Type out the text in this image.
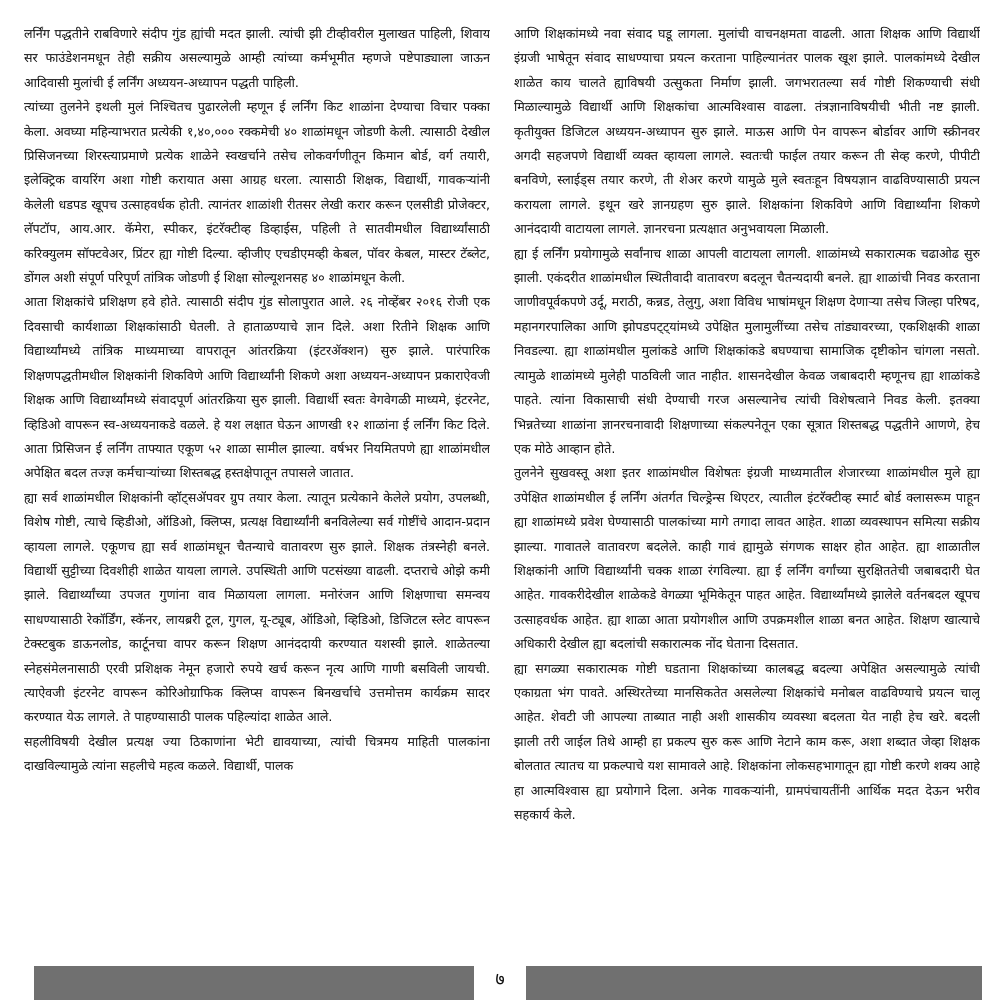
लर्निंग पद्धतीने राबविणारे संदीप गुंड ह्यांची मदत झाली. त्यांची झी टीव्हीवरील मुलाखत पाहिली, शिवाय सर फाउंडेशनमधून तेही सक्रीय असल्यामुळे आम्ही त्यांच्या कर्मभूमीत म्हणजे पष्टेपाड्याला जाऊन आदिवासी मुलांची ई लर्निंग अध्ययन-अध्यापन पद्धती पाहिली.

त्यांच्या तुलनेने इथली मुलं निश्चितच पुढारलेली म्हणून ई लर्निंग किट शाळांना देण्याचा विचार पक्का केला. अवघ्या महिन्याभरात प्रत्येकी १,४०,००० रक्कमेची ४० शाळांमधून जोडणी केली. त्यासाठी देखील प्रिसिजनच्या शिरस्त्याप्रमाणे प्रत्येक शाळेने स्वखर्चाने तसेच लोकवर्गणीतून किमान बोर्ड, वर्ग तयारी, इलेक्ट्रिक वायरिंग अशा गोष्टी करायात असा आग्रह धरला. त्यासाठी शिक्षक, विद्यार्थी, गावकऱ्यांनी केलेली धडपड खूपच उत्साहवर्धक होती. त्यानंतर शाळांशी रीतसर लेखी करार करून एलसीडी प्रोजेक्टर, लॅपटॉप, आय.आर. कॅमेरा, स्पीकर, इंटरॅक्टीव्ह डिव्हाईस, पहिली ते सातवीमधील विद्यार्थ्यांसाठी करिक्युलम सॉफ्टवेअर, प्रिंटर ह्या गोष्टी दिल्या. व्हीजीए एचडीएमव्ही केबल, पॉवर केबल, मास्टर टॅब्लेट, डोंगल अशी संपूर्ण परिपूर्ण तांत्रिक जोडणी ई शिक्षा सोल्यूशनसह ४० शाळांमधून केली.

आता शिक्षकांचे प्रशिक्षण हवे होते. त्यासाठी संदीप गुंड सोलापुरात आले. २६ नोव्हेंबर २०१६ रोजी एक दिवसाची कार्यशाळा शिक्षकांसाठी घेतली. ते हाताळण्याचे ज्ञान दिले. अशा रितीने शिक्षक आणि विद्यार्थ्यांमध्ये तांत्रिक माध्यमाच्या वापरातून आंतरक्रिया (इंटरॲक्शन) सुरु झाले. पारंपारिक शिक्षणपद्धतीमधील शिक्षकांनी शिकविणे आणि विद्यार्थ्यांनी शिकणे अशा अध्ययन-अध्यापन प्रकाराऐवजी शिक्षक आणि विद्यार्थ्यांमध्ये संवादपूर्ण आंतरक्रिया सुरु झाली. विद्यार्थी स्वतः वेगवेगळी माध्यमे, इंटरनेट, व्हिडिओ वापरून स्व-अध्ययनाकडे वळले. हे यश लक्षात घेऊन आणखी १२ शाळांना ई लर्निंग किट दिले. आता प्रिसिजन ई लर्निंग ताफ्यात एकूण ५२ शाळा सामील झाल्या. वर्षभर नियमितपणे ह्या शाळांमधील अपेक्षित बदल तज्ज्ञ कर्मचाऱ्यांच्या शिस्तबद्ध हस्तक्षेपातून तपासले जातात.

ह्या सर्व शाळांमधील शिक्षकांनी व्हॉट्सॲपवर ग्रुप तयार केला. त्यातून प्रत्येकाने केलेले प्रयोग, उपलब्धी, विशेष गोष्टी, त्याचे व्हिडीओ, ऑडिओ, क्लिप्स, प्रत्यक्ष विद्यार्थ्यांनी बनविलेल्या सर्व गोष्टींचे आदान-प्रदान व्हायला लागले. एकूणच ह्या सर्व शाळांमधून चैतन्याचे वातावरण सुरु झाले. शिक्षक तंत्रस्नेही बनले. विद्यार्थी सुट्टीच्या दिवशीही शाळेत यायला लागले. उपस्थिती आणि पटसंख्या वाढली. दप्तराचे ओझे कमी झाले. विद्यार्थ्यांच्या उपजत गुणांना वाव मिळायला लागला. मनोरंजन आणि शिक्षणाचा समन्वय साधण्यासाठी रेकॉर्डिंग, स्कॅनर, लायब्ररी टूल, गुगल, यू-ट्यूब, ऑडिओ, व्हिडिओ, डिजिटल स्लेट वापरून टेक्स्टबुक डाऊनलोड, कार्टूनचा वापर करून शिक्षण आनंददायी करण्यात यशस्वी झाले. शाळेतल्या स्नेहसंमेलनासाठी एरवी प्रशिक्षक नेमून हजारो रुपये खर्च करून नृत्य आणि गाणी बसविली जायची. त्याऐवजी इंटरनेट वापरून कोरिओग्राफिक क्लिप्स वापरून बिनखर्चाचे उत्तमोत्तम कार्यक्रम सादर करण्यात येऊ लागले. ते पाहण्यासाठी पालक पहिल्यांदा शाळेत आले.

सहलीविषयी देखील प्रत्यक्ष ज्या ठिकाणांना भेटी द्यावयाच्या, त्यांची चित्रमय माहिती पालकांना दाखविल्यामुळे त्यांना सहलीचे महत्व कळले. विद्यार्थी, पालक

आणि शिक्षकांमध्ये नवा संवाद घडू लागला. मुलांची वाचनक्षमता वाढली. आता शिक्षक आणि विद्यार्थी इंग्रजी भाषेतून संवाद साधण्याचा प्रयत्न करताना पाहिल्यानंतर पालक खूश झाले. पालकांमध्ये देखील शाळेत काय चालते ह्याविषयी उत्सुकता निर्माण झाली. जगभरातल्या सर्व गोष्टी शिकण्याची संधी मिळाल्यामुळे विद्यार्थी आणि शिक्षकांचा आत्मविश्वास वाढला. तंत्रज्ञानाविषयीची भीती नष्ट झाली. कृतीयुक्त डिजिटल अध्ययन-अध्यापन सुरु झाले. माऊस आणि पेन वापरून बोर्डावर आणि स्क्रीनवर अगदी सहजपणे विद्यार्थी व्यक्त व्हायला लागले. स्वतःची फाईल तयार करून ती सेव्ह करणे, पीपीटी बनविणे, स्लाईड्स तयार करणे, ती शेअर करणे यामुळे मुले स्वतःहून विषयज्ञान वाढविण्यासाठी प्रयत्न करायला लागले. इथून खरे ज्ञानग्रहण सुरु झाले. शिक्षकांना शिकविणे आणि विद्यार्थ्यांना शिकणे आनंददायी वाटायला लागले. ज्ञानरचना प्रत्यक्षात अनुभवायला मिळाली.

ह्या ई लर्निंग प्रयोगामुळे सर्वांनाच शाळा आपली वाटायला लागली. शाळांमध्ये सकारात्मक चढाओढ सुरु झाली. एकंदरीत शाळांमधील स्थितीवादी वातावरण बदलून चैतन्यदायी बनले. ह्या शाळांची निवड करताना जाणीवपूर्वकपणे उर्दू, मराठी, कन्नड, तेलुगु, अशा विविध भाषांमधून शिक्षण देणाऱ्या तसेच जिल्हा परिषद, महानगरपालिका आणि झोपडपट्ट्यांमध्ये उपेक्षित मुलामुलींच्या तसेच तांड्यावरच्या, एकशिक्षकी शाळा निवडल्या. ह्या शाळांमधील मुलांकडे आणि शिक्षकांकडे बघण्याचा सामाजिक दृष्टीकोन चांगला नसतो. त्यामुळे शाळांमध्ये मुलेही पाठविली जात नाहीत. शासनदेखील केवळ जबाबदारी म्हणूनच ह्या शाळांकडे पाहते. त्यांना विकासाची संधी देण्याची गरज असल्यानेच त्यांची विशेषत्वाने निवड केली. इतक्या भिन्नतेच्या शाळांना ज्ञानरचनावादी शिक्षणाच्या संकल्पनेतून एका सूत्रात शिस्तबद्ध पद्धतीने आणणे, हेच एक मोठे आव्हान होते.

तुलनेने सुखवस्तू अशा इतर शाळांमधील विशेषतः इंग्रजी माध्यमातील शेजारच्या शाळांमधील मुले ह्या उपेक्षित शाळांमधील ई लर्निंग अंतर्गत चिल्ड्रेन्स थिएटर, त्यातील इंटरॅक्टीव्ह स्मार्ट बोर्ड क्लासरूम पाहून ह्या शाळांमध्ये प्रवेश घेण्यासाठी पालकांच्या मागे तगादा लावत आहेत. शाळा व्यवस्थापन समित्या सक्रीय झाल्या. गावातले वातावरण बदलेले. काही गावं ह्यामुळे संगणक साक्षर होत आहेत. ह्या शाळातील शिक्षकांनी आणि विद्यार्थ्यांनी चक्क शाळा रंगविल्या. ह्या ई लर्निंग वर्गांच्या सुरक्षिततेची जबाबदारी घेत आहेत. गावकरीदेखील शाळेकडे वेगळ्या भूमिकेतून पाहत आहेत. विद्यार्थ्यांमध्ये झालेले वर्तनबदल खूपच उत्साहवर्धक आहेत. ह्या शाळा आता प्रयोगशील आणि उपक्रमशील शाळा बनत आहेत. शिक्षण खात्याचे अधिकारी देखील ह्या बदलांची सकारात्मक नोंद घेताना दिसतात.

ह्या सगळ्या सकारात्मक गोष्टी घडताना शिक्षकांच्या कालबद्ध बदल्या अपेक्षित असल्यामुळे त्यांची एकाग्रता भंग पावते. अस्थिरतेच्या मानसिकतेत असलेल्या शिक्षकांचे मनोबल वाढविण्याचे प्रयत्न चालू आहेत. शेवटी जी आपल्या ताब्यात नाही अशी शासकीय व्यवस्था बदलता येत नाही हेच खरे. बदली झाली तरी जाईल तिथे आम्ही हा प्रकल्प सुरु करू आणि नेटाने काम करू, अशा शब्दात जेव्हा शिक्षक बोलतात त्यातच या प्रकल्पाचे यश सामावले आहे. शिक्षकांना लोकसहभागातून ह्या गोष्टी करणे शक्य आहे हा आत्मविश्वास ह्या प्रयोगाने दिला. अनेक गावकऱ्यांनी, ग्रामपंचायतींनी आर्थिक मदत देऊन भरीव सहकार्य केले.

७
